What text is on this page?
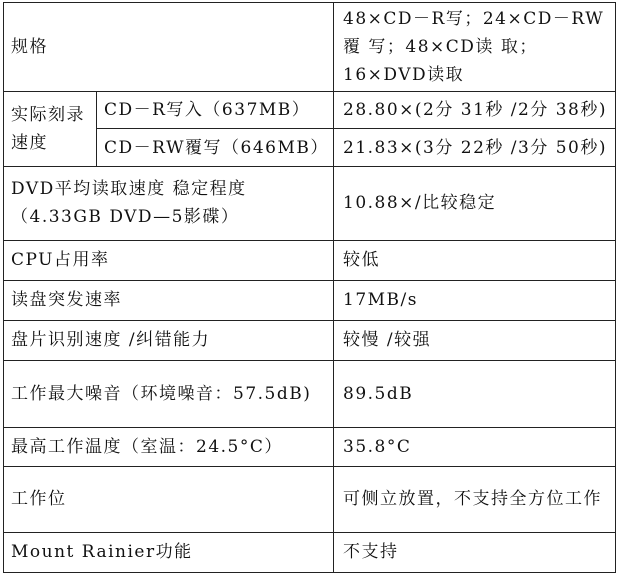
规格		48×CD－R写；24×CD－RW覆 写；48×CD读 取；16×DVD读取
实际刻录速度	CD－R写入（637MB）	28.80×(2分 31秒 /2分 38秒)
	CD－RW覆写（646MB）	21.83×(3分 22秒 /3分 50秒)
DVD平均读取速度 稳定程度（4.33GB DVD—5影碟）		10.88×/比较稳定
CPU占用率		较低
读盘突发速率		17MB/s
盘片识别速度 /纠错能力		较慢 /较强
工作最大噪音（环境噪音：57.5dB)		89.5dB
最高工作温度（室温：24.5°C）		35.8°C
工作位		可侧立放置，不支持全方位工作
Mount Rainier功能		不支持
